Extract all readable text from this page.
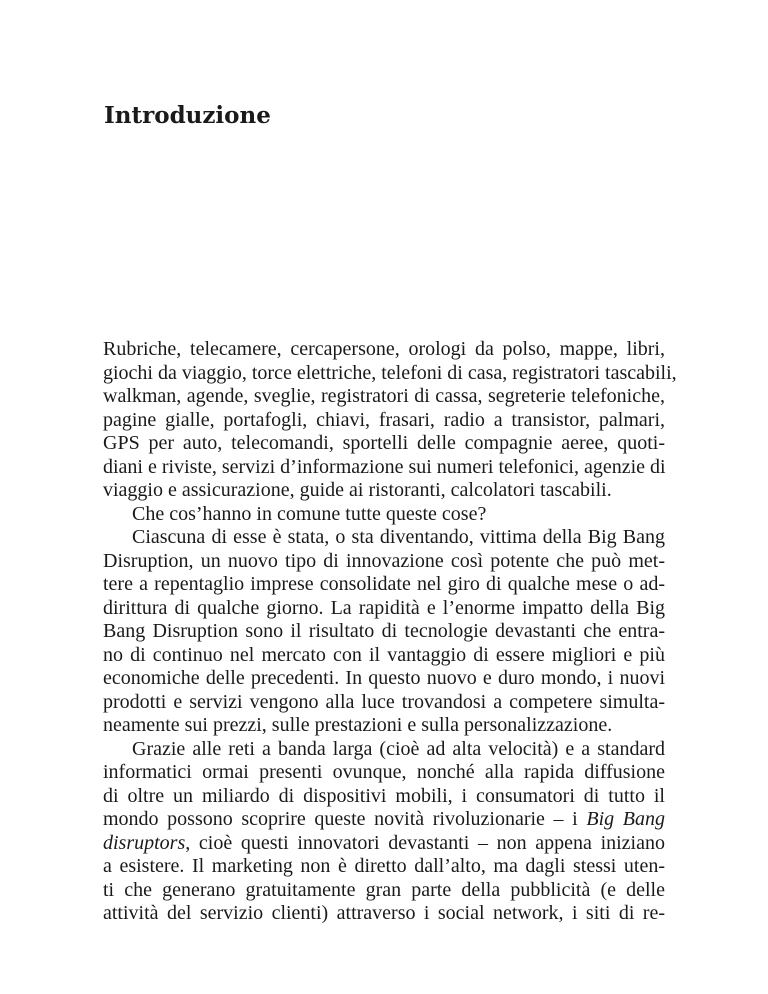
Introduzione
Rubriche, telecamere, cercapersone, orologi da polso, mappe, libri,
giochi da viaggio, torce elettriche, telefoni di casa, registratori tascabili,
walkman, agende, sveglie, registratori di cassa, segreterie telefoniche,
pagine gialle, portafogli, chiavi, frasari, radio a transistor, palmari,
GPS per auto, telecomandi, sportelli delle compagnie aeree, quoti-
diani e riviste, servizi d’informazione sui numeri telefonici, agenzie di
viaggio e assicurazione, guide ai ristoranti, calcolatori tascabili.
Che cos’hanno in comune tutte queste cose?
Ciascuna di esse è stata, o sta diventando, vittima della Big Bang
Disruption, un nuovo tipo di innovazione così potente che può met-
tere a repentaglio imprese consolidate nel giro di qualche mese o ad-
dirittura di qualche giorno. La rapidità e l’enorme impatto della Big
Bang Disruption sono il risultato di tecnologie devastanti che entra-
no di continuo nel mercato con il vantaggio di essere migliori e più
economiche delle precedenti. In questo nuovo e duro mondo, i nuovi
prodotti e servizi vengono alla luce trovandosi a competere simulta-
neamente sui prezzi, sulle prestazioni e sulla personalizzazione.
Grazie alle reti a banda larga (cioè ad alta velocità) e a standard
informatici ormai presenti ovunque, nonché alla rapida diffusione
di oltre un miliardo di dispositivi mobili, i consumatori di tutto il
mondo possono scoprire queste novità rivoluzionarie – i Big Bang
disruptors, cioè questi innovatori devastanti – non appena iniziano
a esistere. Il marketing non è diretto dall’alto, ma dagli stessi uten-
ti che generano gratuitamente gran parte della pubblicità (e delle
attività del servizio clienti) attraverso i social network, i siti di re-
